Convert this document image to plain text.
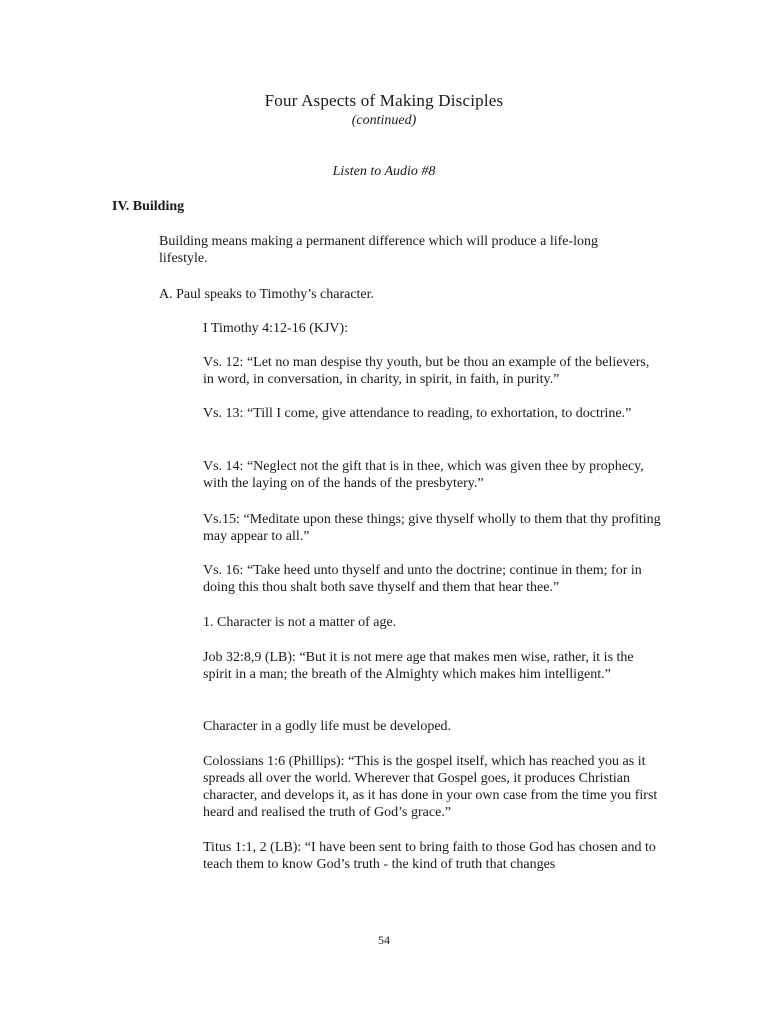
Four Aspects of Making Disciples
(continued)
Listen to Audio #8
IV. Building

Building means making a permanent difference which will produce a life-long lifestyle.

A. Paul speaks to Timothy’s character.

I Timothy 4:12-16 (KJV):

Vs. 12: “Let no man despise thy youth, but be thou an example of the believers, in word, in conversation, in charity, in spirit, in faith, in purity.”

Vs. 13: “Till I come, give attendance to reading, to exhortation, to doctrine.”

Vs. 14: “Neglect not the gift that is in thee, which was given thee by prophecy, with the laying on of the hands of the presbytery.”

Vs.15: “Meditate upon these things; give thyself wholly to them that thy profiting may appear to all.”

Vs. 16: “Take heed unto thyself and unto the doctrine; continue in them; for in doing this thou shalt both save thyself and them that hear thee.”

1. Character is not a matter of age.

Job 32:8,9 (LB): “But it is not mere age that makes men wise, rather, it is the spirit in a man; the breath of the Almighty which makes him intelligent.”

Character in a godly life must be developed.

Colossians 1:6 (Phillips): “This is the gospel itself, which has reached you as it spreads all over the world. Wherever that Gospel goes, it produces Christian character, and develops it, as it has done in your own case from the time you first heard and realised the truth of God’s grace.”

Titus 1:1, 2 (LB): “I have been sent to bring faith to those God has chosen and to teach them to know God’s truth - the kind of truth that changes

54
